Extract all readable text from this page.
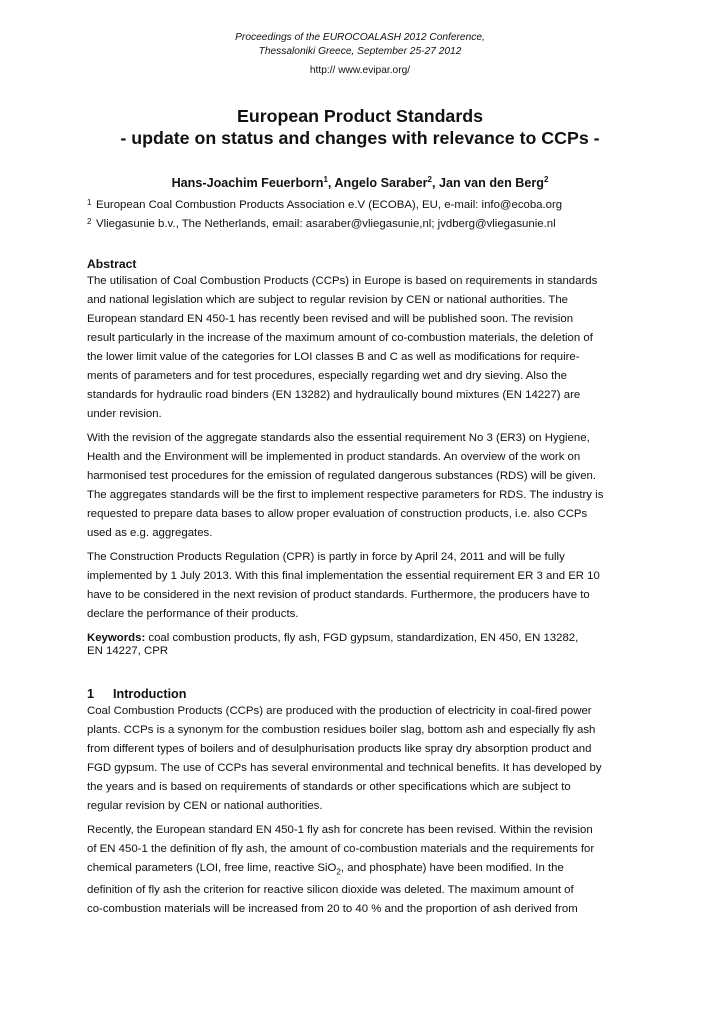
Proceedings of the EUROCOALASH 2012 Conference,
Thessaloniki Greece, September 25-27 2012
http:// www.evipar.org/
European Product Standards
- update on status and changes with relevance to CCPs -
Hans-Joachim Feuerborn$^1$, Angelo Saraber$^2$, Jan van den Berg$^2$
1 European Coal Combustion Products Association e.V (ECOBA), EU, e-mail: info@ecoba.org
2 Vliegasunie b.v., The Netherlands, email: asaraber@vliegasunie,nl; jvdberg@vliegasunie.nl
Abstract

The utilisation of Coal Combustion Products (CCPs) in Europe is based on requirements in standards
and national legislation which are subject to regular revision by CEN or national authorities. The
European standard EN 450-1 has recently been revised and will be published soon. The revision
result particularly in the increase of the maximum amount of co-combustion materials, the deletion of
the lower limit value of the categories for LOI classes B and C as well as modifications for require-
ments of parameters and for test procedures, especially regarding wet and dry sieving. Also the
standards for hydraulic road binders (EN 13282) and hydraulically bound mixtures (EN 14227) are
under revision.

With the revision of the aggregate standards also the essential requirement No 3 (ER3) on Hygiene,
Health and the Environment will be implemented in product standards. An overview of the work on
harmonised test procedures for the emission of regulated dangerous substances (RDS) will be given.
The aggregates standards will be the first to implement respective parameters for RDS. The industry is
requested to prepare data bases to allow proper evaluation of construction products, i.e. also CCPs
used as e.g. aggregates.

The Construction Products Regulation (CPR) is partly in force by April 24, 2011 and will be fully
implemented by 1 July 2013. With this final implementation the essential requirement ER 3 and ER 10
have to be considered in the next revision of product standards. Furthermore, the producers have to
declare the performance of their products.

Keywords: coal combustion products, fly ash, FGD gypsum, standardization, EN 450, EN 13282,
EN 14227, CPR
1 Introduction

Coal Combustion Products (CCPs) are produced with the production of electricity in coal-fired power
plants. CCPs is a synonym for the combustion residues boiler slag, bottom ash and especially fly ash
from different types of boilers and of desulphurisation products like spray dry absorption product and
FGD gypsum. The use of CCPs has several environmental and technical benefits. It has developed by
the years and is based on requirements of standards or other specifications which are subject to
regular revision by CEN or national authorities.

Recently, the European standard EN 450-1 fly ash for concrete has been revised. Within the revision
of EN 450-1 the definition of fly ash, the amount of co-combustion materials and the requirements for
chemical parameters (LOI, free lime, reactive SiO$_2$, and phosphate) have been modified. In the
definition of fly ash the criterion for reactive silicon dioxide was deleted. The maximum amount of
co-combustion materials will be increased from 20 to 40 % and the proportion of ash derived from
